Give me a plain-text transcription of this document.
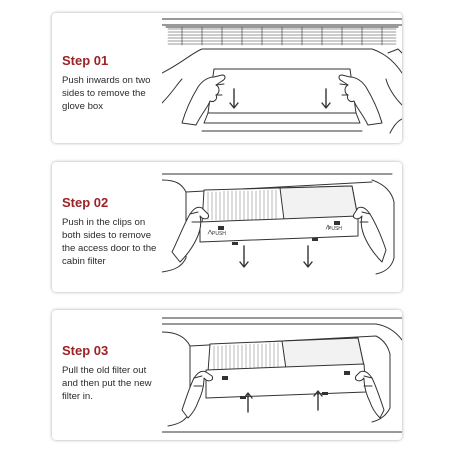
Step 01

Push inwards on two sides to remove the glove box

Step 02

Push in the clips on both sides to remove the access door to the cabin filter

PUSH
PUSH
Step 03

Pull the old filter out and then put the new filter in.
